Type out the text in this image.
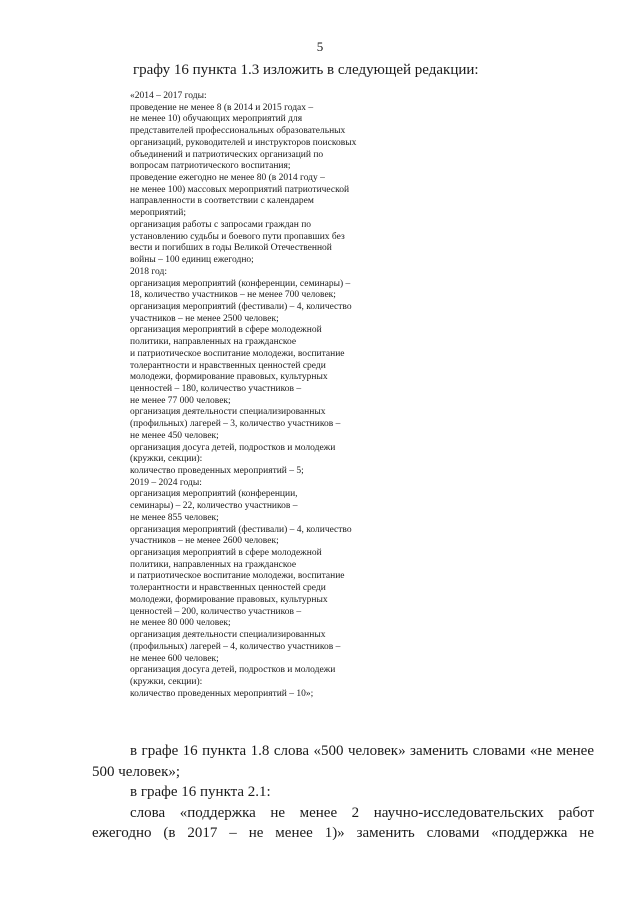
5
графу 16 пункта 1.3 изложить в следующей редакции:
«2014 – 2017 годы:
проведение не менее 8 (в 2014 и 2015 годах –
не менее 10) обучающих мероприятий для
представителей профессиональных образовательных
организаций, руководителей и инструкторов поисковых
объединений и патриотических организаций по
вопросам патриотического воспитания;
проведение ежегодно не менее 80 (в 2014 году –
не менее 100) массовых мероприятий патриотической
направленности в соответствии с календарем
мероприятий;
организация работы с запросами граждан по
установлению судьбы и боевого пути пропавших без
вести и погибших в годы Великой Отечественной
войны – 100 единиц ежегодно;
2018 год:
организация мероприятий (конференции, семинары) –
18, количество участников – не менее 700 человек;
организация мероприятий (фестивали) – 4, количество
участников – не менее 2500 человек;
организация мероприятий в сфере молодежной
политики, направленных на гражданское
и патриотическое воспитание молодежи, воспитание
толерантности и нравственных ценностей среди
молодежи, формирование правовых, культурных
ценностей – 180, количество участников –
не менее 77 000 человек;
организация деятельности специализированных
(профильных) лагерей – 3, количество участников –
не менее 450 человек;
организация досуга детей, подростков и молодежи
(кружки, секции):
количество проведенных мероприятий – 5;
2019 – 2024 годы:
организация мероприятий (конференции,
семинары) – 22, количество участников –
не менее 855 человек;
организация мероприятий (фестивали) – 4, количество
участников – не менее 2600 человек;
организация мероприятий в сфере молодежной
политики, направленных на гражданское
и патриотическое воспитание молодежи, воспитание
толерантности и нравственных ценностей среди
молодежи, формирование правовых, культурных
ценностей – 200, количество участников –
не менее 80 000 человек;
организация деятельности специализированных
(профильных) лагерей – 4, количество участников –
не менее 600 человек;
организация досуга детей, подростков и молодежи
(кружки, секции):
количество проведенных мероприятий – 10»;
в графе 16 пункта 1.8 слова «500 человек» заменить словами «не менее
500 человек»;
в графе 16 пункта 2.1:
слова «поддержка не менее 2 научно-исследовательских работ
ежегодно (в 2017 – не менее 1)» заменить словами «поддержка не
